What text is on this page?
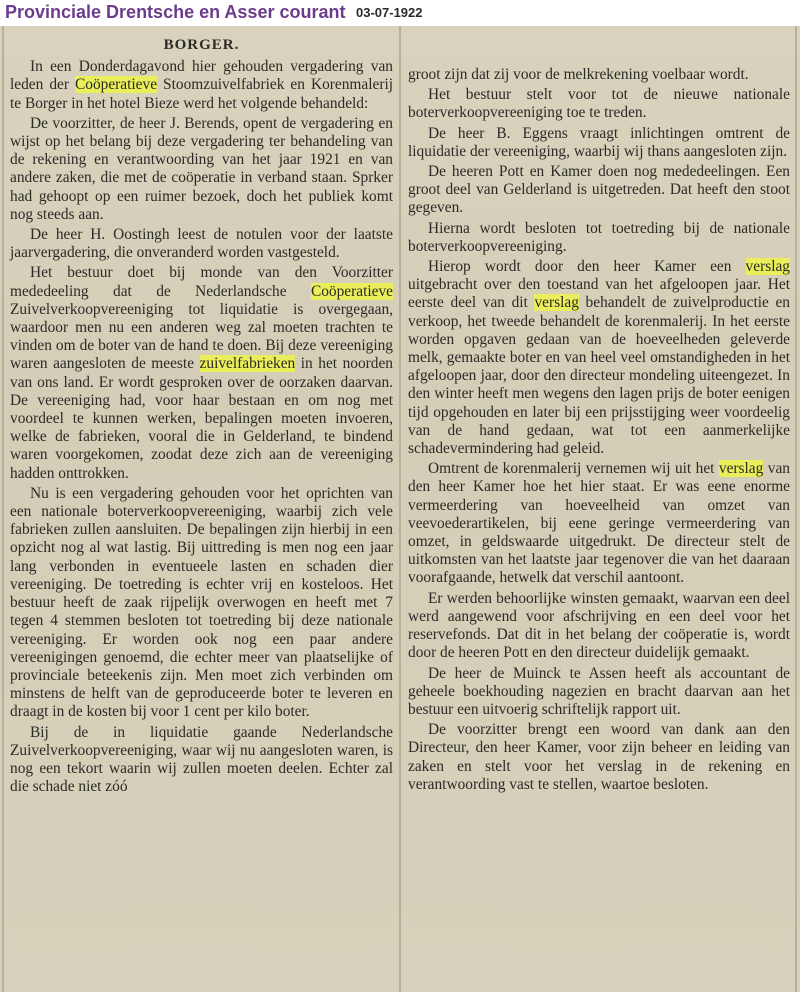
Provinciale Drentsche en Asser courant 03-07-1922
BORGER.

In een Donderdagavond hier gehouden vergadering van leden der Coöperatieve Stoomzuivelfabriek en Korenmalerij te Borger in het hotel Bieze werd het volgende behandeld:

De voorzitter, de heer J. Berends, opent de vergadering en wijst op het belang bij deze vergadering ter behandeling van de rekening en verantwoording van het jaar 1921 en van andere zaken, die met de coöperatie in verband staan. Sprker had gehoopt op een ruimer bezoek, doch het publiek komt nog steeds aan.

De heer H. Oostingh leest de notulen voor der laatste jaarvergadering, die onveranderd worden vastgesteld.

Het bestuur doet bij monde van den Voorzitter mededeeling dat de Nederlandsche Coöperatieve Zuivelverkoopvereeniging tot liquidatie is overgegaan, waardoor men nu een anderen weg zal moeten trachten te vinden om de boter van de hand te doen. Bij deze vereeniging waren aangesloten de meeste zuivelfabrieken in het noorden van ons land. Er wordt gesproken over de oorzaken daarvan. De vereeniging had, voor haar bestaan en om nog met voordeel te kunnen werken, bepalingen moeten invoeren, welke de fabrieken, vooral die in Gelderland, te bindend waren voorgekomen, zoodat deze zich aan de vereeniging hadden onttrokken.

Nu is een vergadering gehouden voor het oprichten van een nationale boterverkoopvereeniging, waarbij zich vele fabrieken zullen aansluiten. De bepalingen zijn hierbij in een opzicht nog al wat lastig. Bij uittreding is men nog een jaar lang verbonden in eventueele lasten en schaden dier vereeniging. De toetreding is echter vrij en kosteloos. Het bestuur heeft de zaak rijpelijk overwogen en heeft met 7 tegen 4 stemmen besloten tot toetreding bij deze nationale vereeniging. Er worden ook nog een paar andere vereenigingen genoemd, die echter meer van plaatselijke of provinciale beteekenis zijn. Men moet zich verbinden om minstens de helft van de geproduceerde boter te leveren en draagt in de kosten bij voor 1 cent per kilo boter.

Bij de in liquidatie gaande Nederlandsche Zuivelverkoopvereeniging, waar wij nu aangesloten waren, is nog een tekort waarin wij zullen moeten deelen. Echter zal die schade niet zóó

groot zijn dat zij voor de melkrekening voelbaar wordt.

Het bestuur stelt voor tot de nieuwe nationale boterverkoopvereeniging toe te treden.

De heer B. Eggens vraagt inlichtingen omtrent de liquidatie der vereeniging, waarbij wij thans aangesloten zijn.

De heeren Pott en Kamer doen nog mededeelingen. Een groot deel van Gelderland is uitgetreden. Dat heeft den stoot gegeven.

Hierna wordt besloten tot toetreding bij de nationale boterverkoopvereeniging.

Hierop wordt door den heer Kamer een verslag uitgebracht over den toestand van het afgeloopen jaar. Het eerste deel van dit verslag behandelt de zuivelproductie en verkoop, het tweede behandelt de korenmalerij. In het eerste worden opgaven gedaan van de hoeveelheden geleverde melk, gemaakte boter en van heel veel omstandigheden in het afgeloopen jaar, door den directeur mondeling uiteengezet. In den winter heeft men wegens den lagen prijs de boter eenigen tijd opgehouden en later bij een prijsstijging weer voordeelig van de hand gedaan, wat tot een aanmerkelijke schadevermindering had geleid.

Omtrent de korenmalerij vernemen wij uit het verslag van den heer Kamer hoe het hier staat. Er was eene enorme vermeerdering van hoeveelheid van omzet van veevoederartikelen, bij eene geringe vermeerdering van omzet, in geldswaarde uitgedrukt. De directeur stelt de uitkomsten van het laatste jaar tegenover die van het daaraan voorafgaande, hetwelk dat verschil aantoont.

Er werden behoorlijke winsten gemaakt, waarvan een deel werd aangewend voor afschrijving en een deel voor het reservefonds. Dat dit in het belang der coöperatie is, wordt door de heeren Pott en den directeur duidelijk gemaakt.

De heer de Muinck te Assen heeft als accountant de geheele boekhouding nagezien en bracht daarvan aan het bestuur een uitvoerig schriftelijk rapport uit.

De voorzitter brengt een woord van dank aan den Directeur, den heer Kamer, voor zijn beheer en leiding van zaken en stelt voor het verslag in de rekening en verantwoording vast te stellen, waartoe besloten.
